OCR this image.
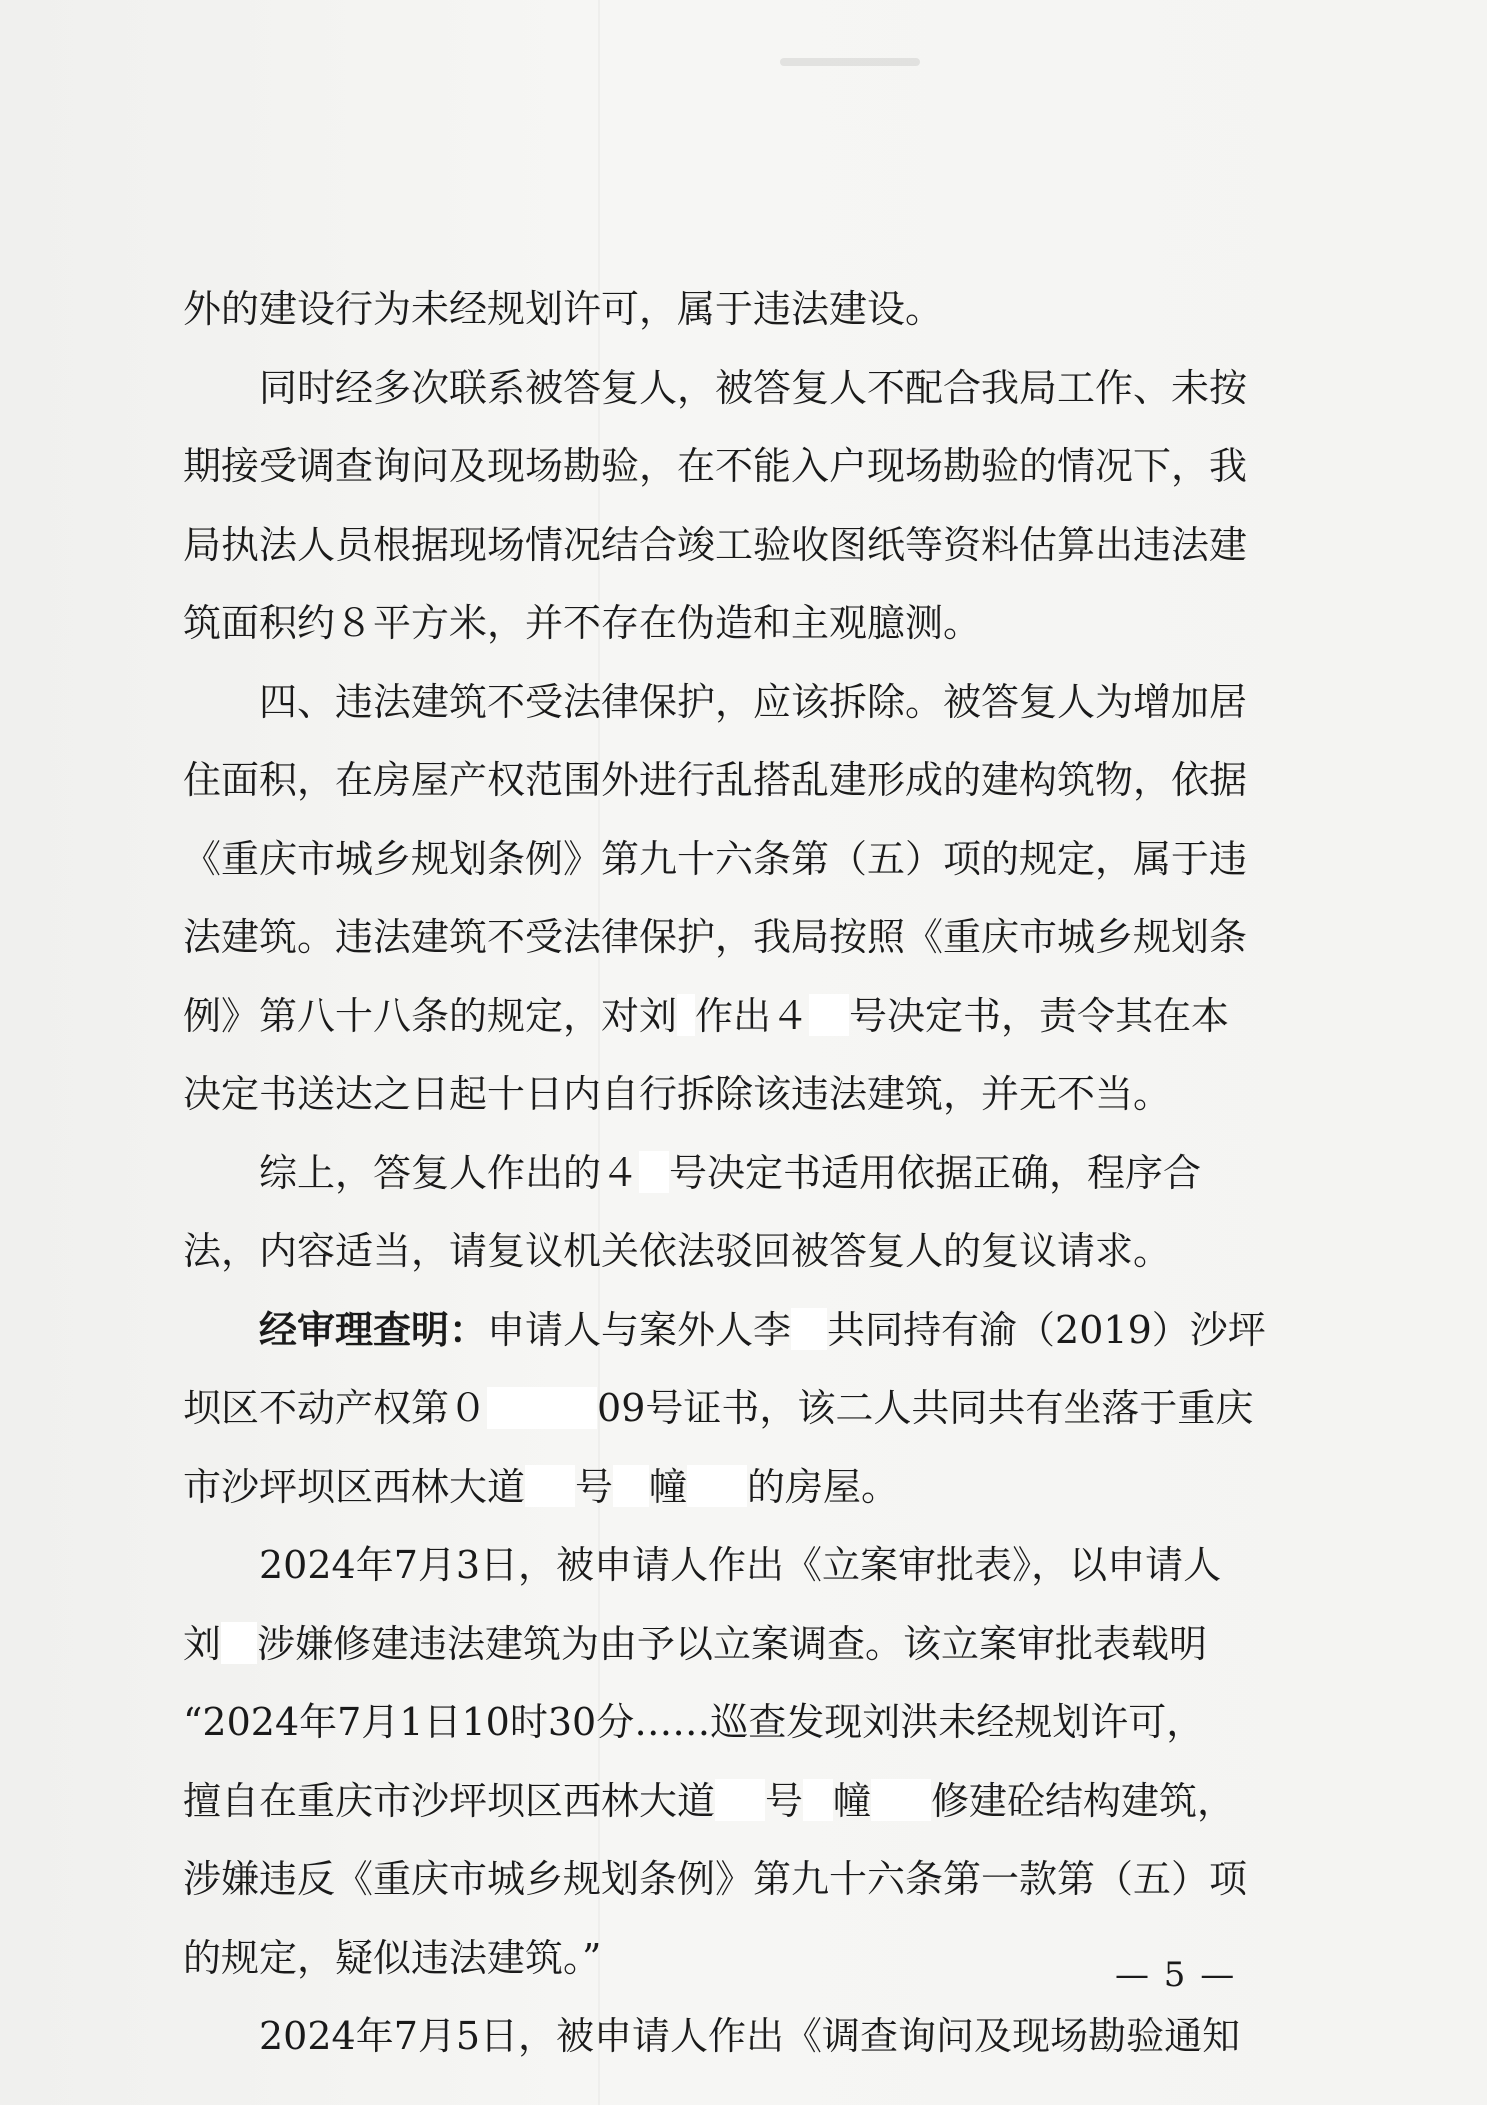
外的建设行为未经规划许可，属于违法建设。
　　同时经多次联系被答复人，被答复人不配合我局工作、未按
期接受调查询问及现场勘验，在不能入户现场勘验的情况下，我
局执法人员根据现场情况结合竣工验收图纸等资料估算出违法建
筑面积约８平方米，并不存在伪造和主观臆测。
　　四、违法建筑不受法律保护，应该拆除。被答复人为增加居
住面积，在房屋产权范围外进行乱搭乱建形成的建构筑物，依据
《重庆市城乡规划条例》第九十六条第（五）项的规定，属于违
法建筑。违法建筑不受法律保护，我局按照《重庆市城乡规划条
例》第八十八条的规定，对刘 作出４ 号决定书，责令其在本
决定书送达之日起十日内自行拆除该违法建筑，并无不当。
　　综上，答复人作出的４ 号决定书适用依据正确，程序合
法，内容适当，请复议机关依法驳回被答复人的复议请求。
　　经审理查明：申请人与案外人李 共同持有渝（2019）沙坪
坝区不动产权第０	09号证书，该二人共同共有坐落于重庆
市沙坪坝区西林大道 号 幢 的房屋。
　　2024年7月3日，被申请人作出《立案审批表》，以申请人
刘 涉嫌修建违法建筑为由予以立案调查。该立案审批表载明
“2024年7月1日10时30分……巡查发现刘洪未经规划许可，
擅自在重庆市沙坪坝区西林大道 号 幢 修建砼结构建筑，
涉嫌违反《重庆市城乡规划条例》第九十六条第一款第（五）项
的规定，疑似违法建筑。”
　　2024年7月5日，被申请人作出《调查询问及现场勘验通知
— 5 —
